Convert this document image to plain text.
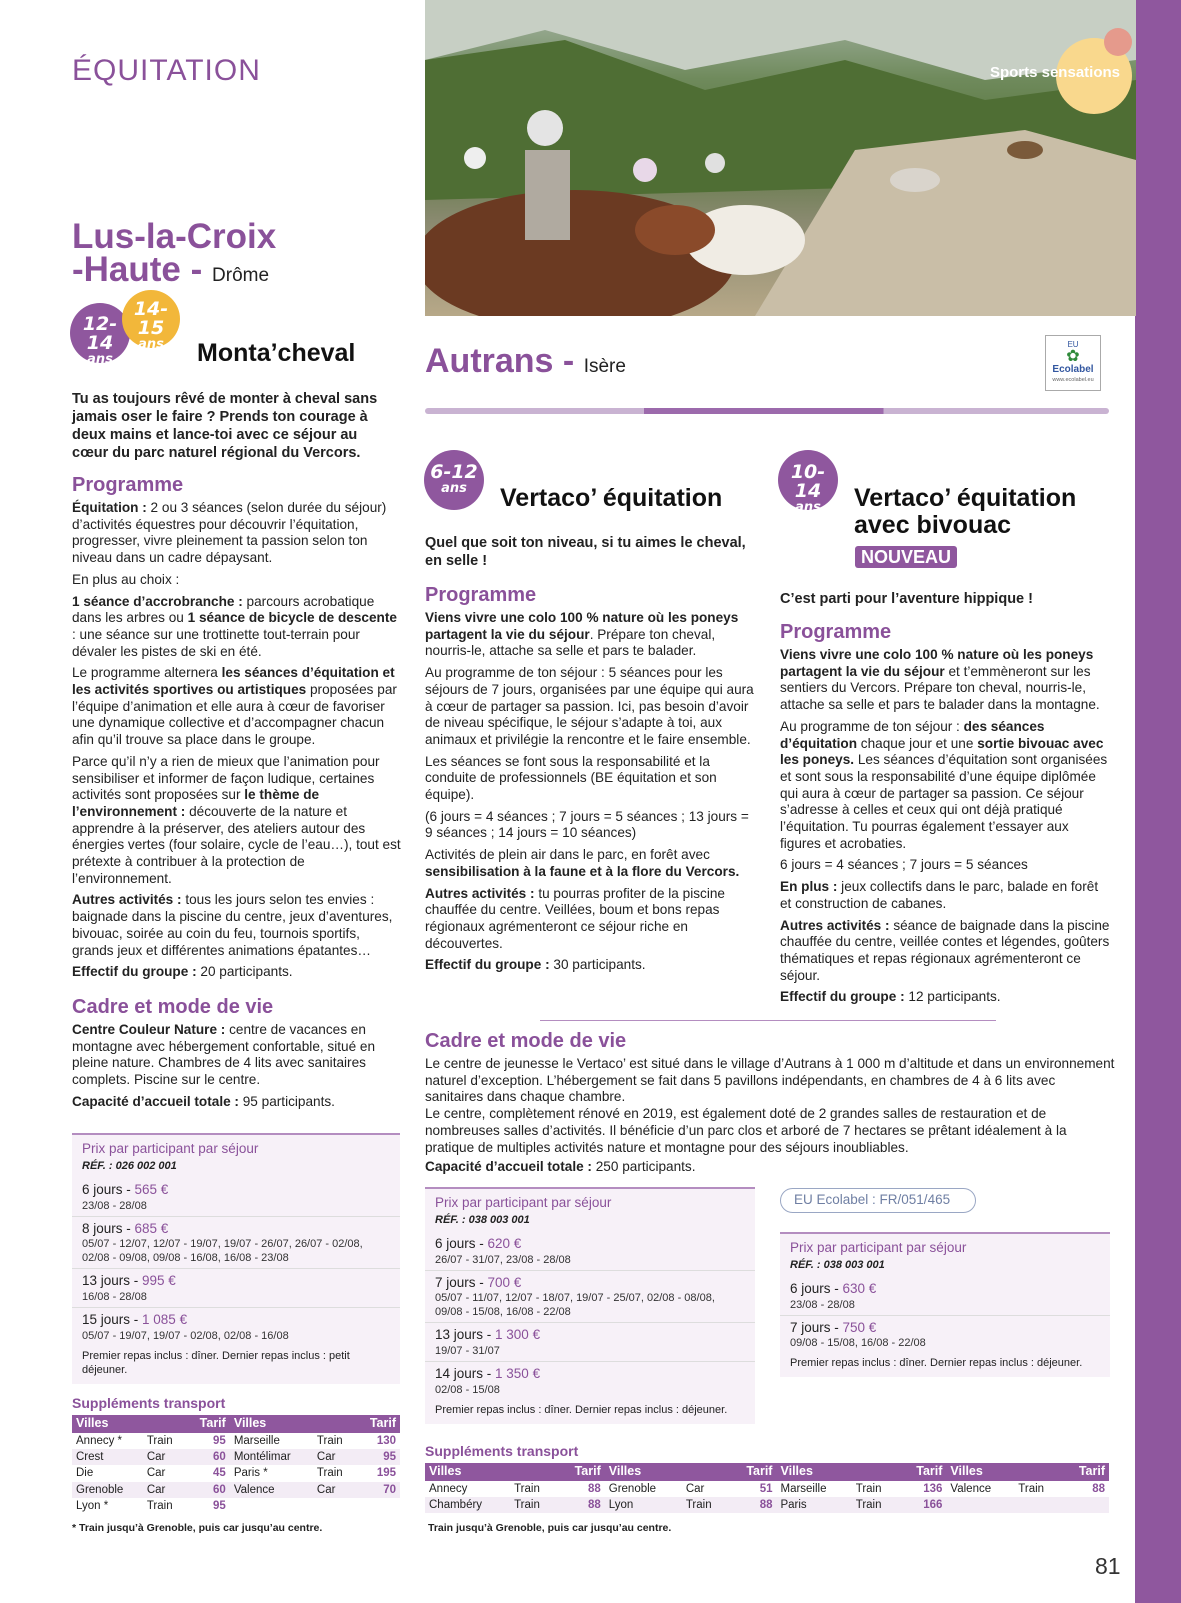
ÉQUITATION	Sports sensations
Lus-la-Croix
-Haute - Drôme
12-14
ans
14-15
ans	Monta’cheval
Tu as toujours rêvé de monter à cheval sans jamais oser le faire ? Prends ton courage à deux mains et lance-toi avec ce séjour au cœur du parc naturel régional du Vercors.
Programme

Équitation : 2 ou 3 séances (selon durée du séjour) d’activités équestres pour découvrir l’équitation, progresser, vivre pleinement ta passion selon ton niveau dans un cadre dépaysant.

En plus au choix :

1 séance d’accrobranche : parcours acrobatique dans les arbres ou 1 séance de bicycle de descente : une séance sur une trottinette tout-terrain pour dévaler les pistes de ski en été.

Le programme alternera les séances d’équitation et les activités sportives ou artistiques proposées par l’équipe d’animation et elle aura à cœur de favoriser une dynamique collective et d’accompagner chacun afin qu’il trouve sa place dans le groupe.

Parce qu’il n’y a rien de mieux que l’animation pour sensibiliser et informer de façon ludique, certaines activités sont proposées sur le thème de l’environnement : découverte de la nature et apprendre à la préserver, des ateliers autour des énergies vertes (four solaire, cycle de l’eau…), tout est prétexte à contribuer à la protection de l’environnement.

Autres activités : tous les jours selon tes envies : baignade dans la piscine du centre, jeux d’aventures, bivouac, soirée au coin du feu, tournois sportifs, grands jeux et différentes animations épatantes…

Effectif du groupe : 20 participants.

Cadre et mode de vie

Centre Couleur Nature : centre de vacances en montagne avec hébergement confortable, situé en pleine nature. Chambres de 4 lits avec sanitaires complets. Piscine sur le centre.

Capacité d’accueil totale : 95 participants.

Prix par participant par séjour
RÉF. : 026 002 001
6 jours - 565 €
23/08 - 28/08
8 jours - 685 €
05/07 - 12/07, 12/07 - 19/07, 19/07 - 26/07, 26/07 - 02/08, 02/08 - 09/08, 09/08 - 16/08, 16/08 - 23/08
13 jours - 995 €
16/08 - 28/08
15 jours - 1 085 €
05/07 - 19/07, 19/07 - 02/08, 02/08 - 16/08
Premier repas inclus : dîner. Dernier repas inclus : petit déjeuner.
Suppléments transport
Villes		Tarif	Villes		Tarif
Annecy *	Train	95	Marseille	Train	130
Crest	Car	60	Montélimar	Car	95
Die	Car	45	Paris *	Train	195
Grenoble	Car	60	Valence	Car	70
Lyon *	Train	95			
* Train jusqu’à Grenoble, puis car jusqu’au centre.
Autrans - Isère
EU
✿
Ecolabel
www.ecolabel.eu
6-12
ans	Vertaco’ équitation
Quel que soit ton niveau, si tu aimes le cheval, en selle !
Programme

Viens vivre une colo 100 % nature où les poneys partagent la vie du séjour. Prépare ton cheval, nourris-le, attache sa selle et pars te balader.

Au programme de ton séjour : 5 séances pour les séjours de 7 jours, organisées par une équipe qui aura à cœur de partager sa passion. Ici, pas besoin d’avoir de niveau spécifique, le séjour s’adapte à toi, aux animaux et privilégie la rencontre et le faire ensemble.

Les séances se font sous la responsabilité et la conduite de professionnels (BE équitation et son équipe).

(6 jours = 4 séances ; 7 jours = 5 séances ; 13 jours = 9 séances ; 14 jours = 10 séances)

Activités de plein air dans le parc, en forêt avec sensibilisation à la faune et à la flore du Vercors.

Autres activités : tu pourras profiter de la piscine chauffée du centre. Veillées, boum et bons repas régionaux agrémenteront ce séjour riche en découvertes.

Effectif du groupe : 30 participants.

10-14
ans	Vertaco’ équitation
avec bivouac
NOUVEAU
C’est parti pour l’aventure hippique !
Programme

Viens vivre une colo 100 % nature où les poneys partagent la vie du séjour et t’emmèneront sur les sentiers du Vercors. Prépare ton cheval, nourris-le, attache sa selle et pars te balader dans la montagne.

Au programme de ton séjour : des séances d’équitation chaque jour et une sortie bivouac avec les poneys. Les séances d’équitation sont organisées et sont sous la responsabilité d’une équipe diplômée qui aura à cœur de partager sa passion. Ce séjour s’adresse à celles et ceux qui ont déjà pratiqué l’équitation. Tu pourras également t’essayer aux figures et acrobaties.

6 jours = 4 séances ; 7 jours = 5 séances

En plus : jeux collectifs dans le parc, balade en forêt et construction de cabanes.

Autres activités : séance de baignade dans la piscine chauffée du centre, veillée contes et légendes, goûters thématiques et repas régionaux agrémenteront ce séjour.

Effectif du groupe : 12 participants.

Cadre et mode de vie

Le centre de jeunesse le Vertaco’ est situé dans le village d’Autrans à 1 000 m d’altitude et dans un environnement naturel d’exception. L’hébergement se fait dans 5 pavillons indépendants, en chambres de 4 à 6 lits avec sanitaires dans chaque chambre.

Le centre, complètement rénové en 2019, est également doté de 2 grandes salles de restauration et de nombreuses salles d’activités. Il bénéficie d’un parc clos et arboré de 7 hectares se prêtant idéalement à la pratique de multiples activités nature et montagne pour des séjours inoubliables.

Capacité d’accueil totale : 250 participants.

Prix par participant par séjour
RÉF. : 038 003 001
6 jours - 620 €
26/07 - 31/07, 23/08 - 28/08
7 jours - 700 €
05/07 - 11/07, 12/07 - 18/07, 19/07 - 25/07, 02/08 - 08/08, 09/08 - 15/08, 16/08 - 22/08
13 jours - 1 300 €
19/07 - 31/07
14 jours - 1 350 €
02/08 - 15/08
Premier repas inclus : dîner. Dernier repas inclus : déjeuner.
EU Ecolabel : FR/051/465
Prix par participant par séjour
RÉF. : 038 003 001
6 jours - 630 €
23/08 - 28/08
7 jours - 750 €
09/08 - 15/08, 16/08 - 22/08
Premier repas inclus : dîner. Dernier repas inclus : déjeuner.
Suppléments transport
Villes		Tarif	Villes		Tarif	Villes		Tarif	Villes		Tarif
Annecy	Train	88	Grenoble	Car	51	Marseille	Train	136	Valence	Train	88
Chambéry	Train	88	Lyon	Train	88	Paris	Train	166			
Train jusqu’à Grenoble, puis car jusqu’au centre.
81
